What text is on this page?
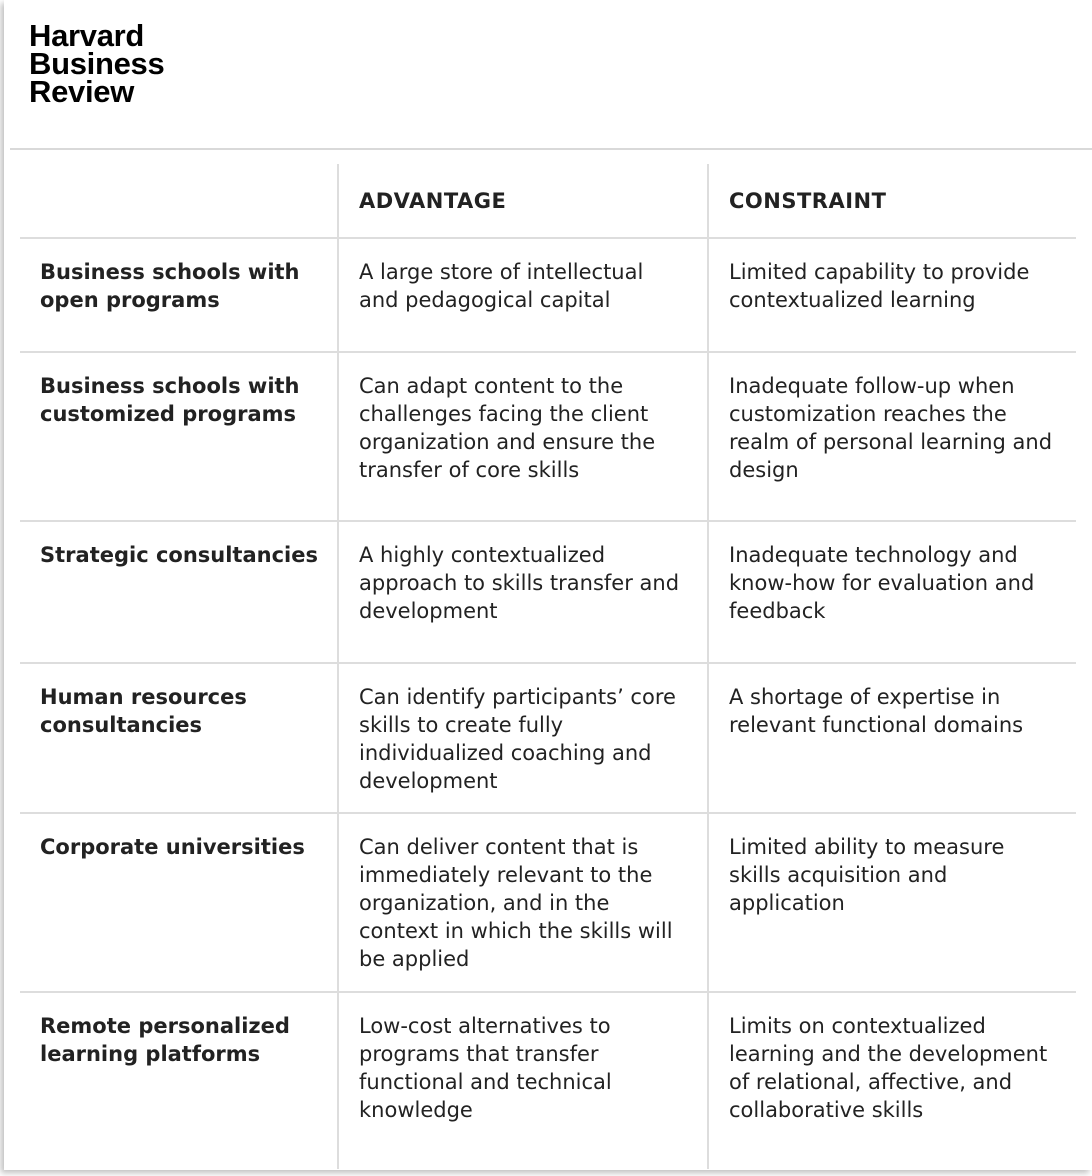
Harvard
Business
Review
	ADVANTAGE	CONSTRAINT
Business schools with open programs	A large store of intellectual and pedagogical capital	Limited capability to provide contextualized learning
Business schools with customized programs	Can adapt content to the challenges facing the client organization and ensure the transfer of core skills	Inadequate follow-up when customization reaches the realm of personal learning and design
Strategic consultancies	A highly contextualized approach to skills transfer and development	Inadequate technology and know-how for evaluation and feedback
Human resources consultancies	Can identify participants’ core skills to create fully individualized coaching and development	A shortage of expertise in relevant functional domains
Corporate universities	Can deliver content that is immediately relevant to the organization, and in the context in which the skills will be applied	Limited ability to measure skills acquisition and application
Remote personalized learning platforms	Low-cost alternatives to programs that transfer functional and technical knowledge	Limits on contextualized learning and the development of relational, affective, and collaborative skills
